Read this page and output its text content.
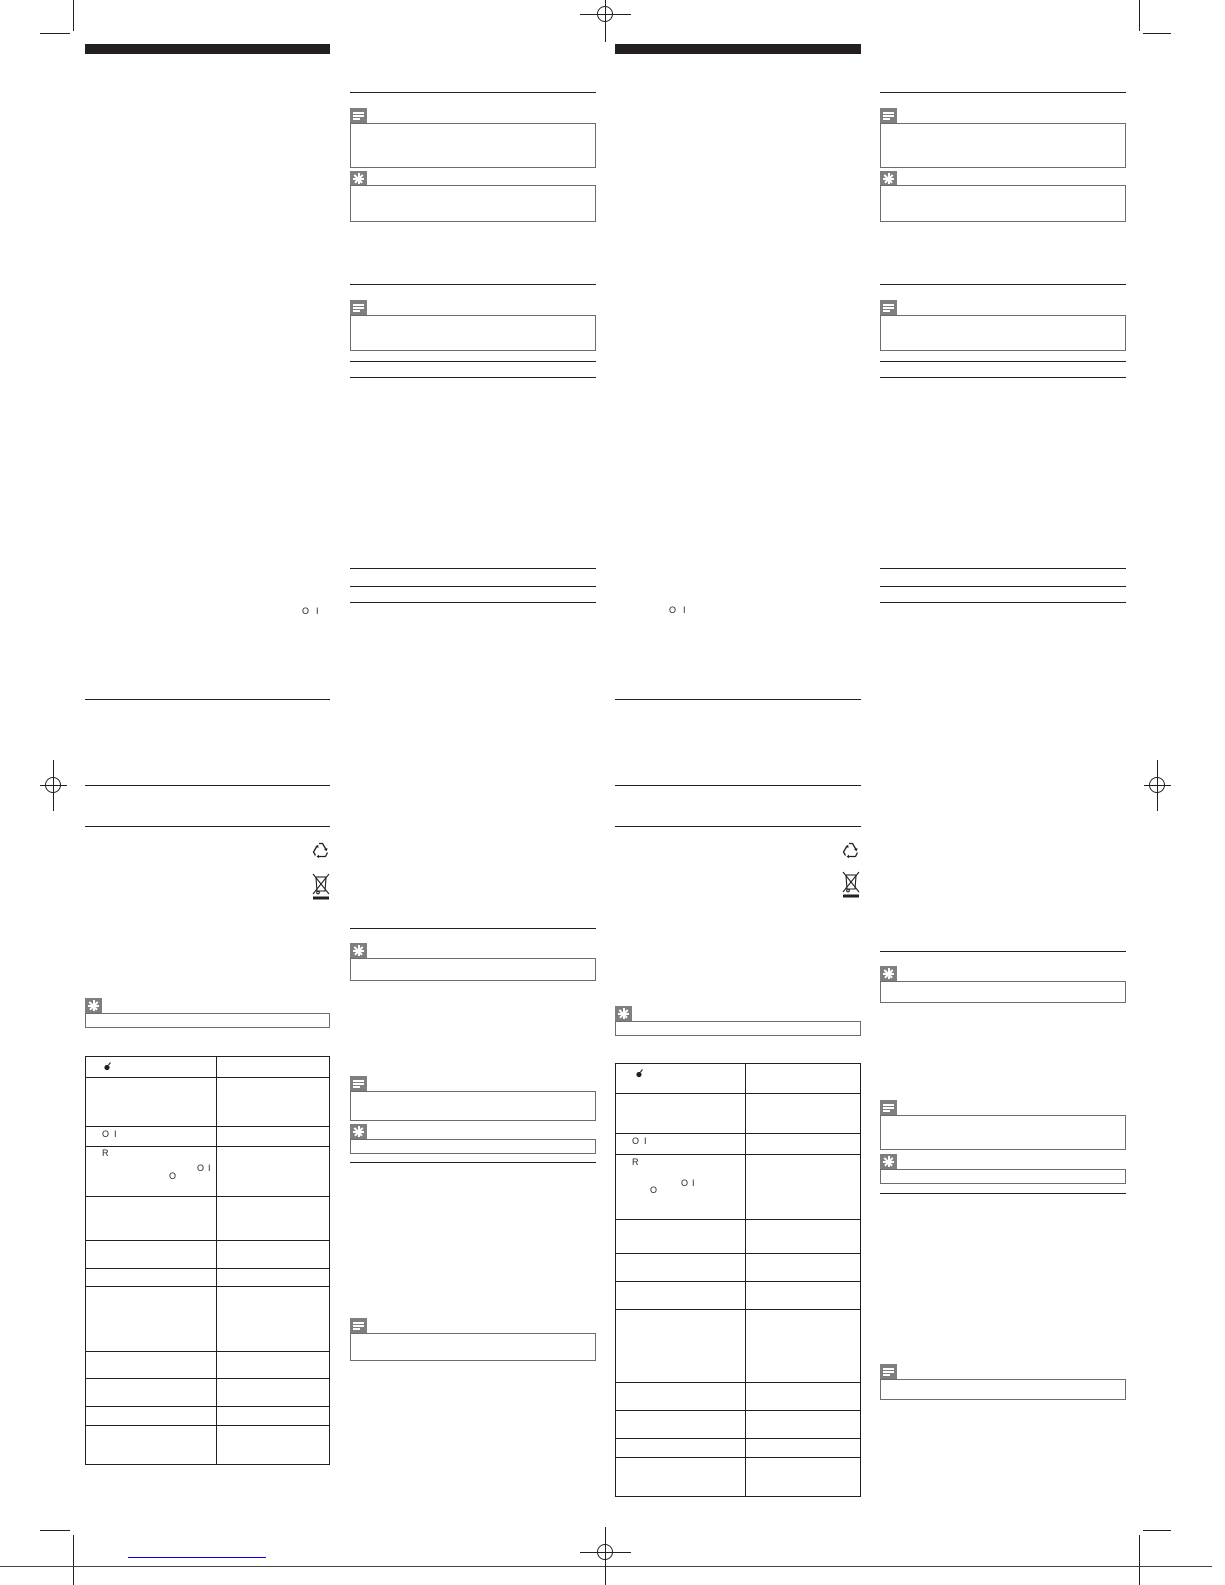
O I
O I
R
O I
O
O I
O I
R
O I
O
